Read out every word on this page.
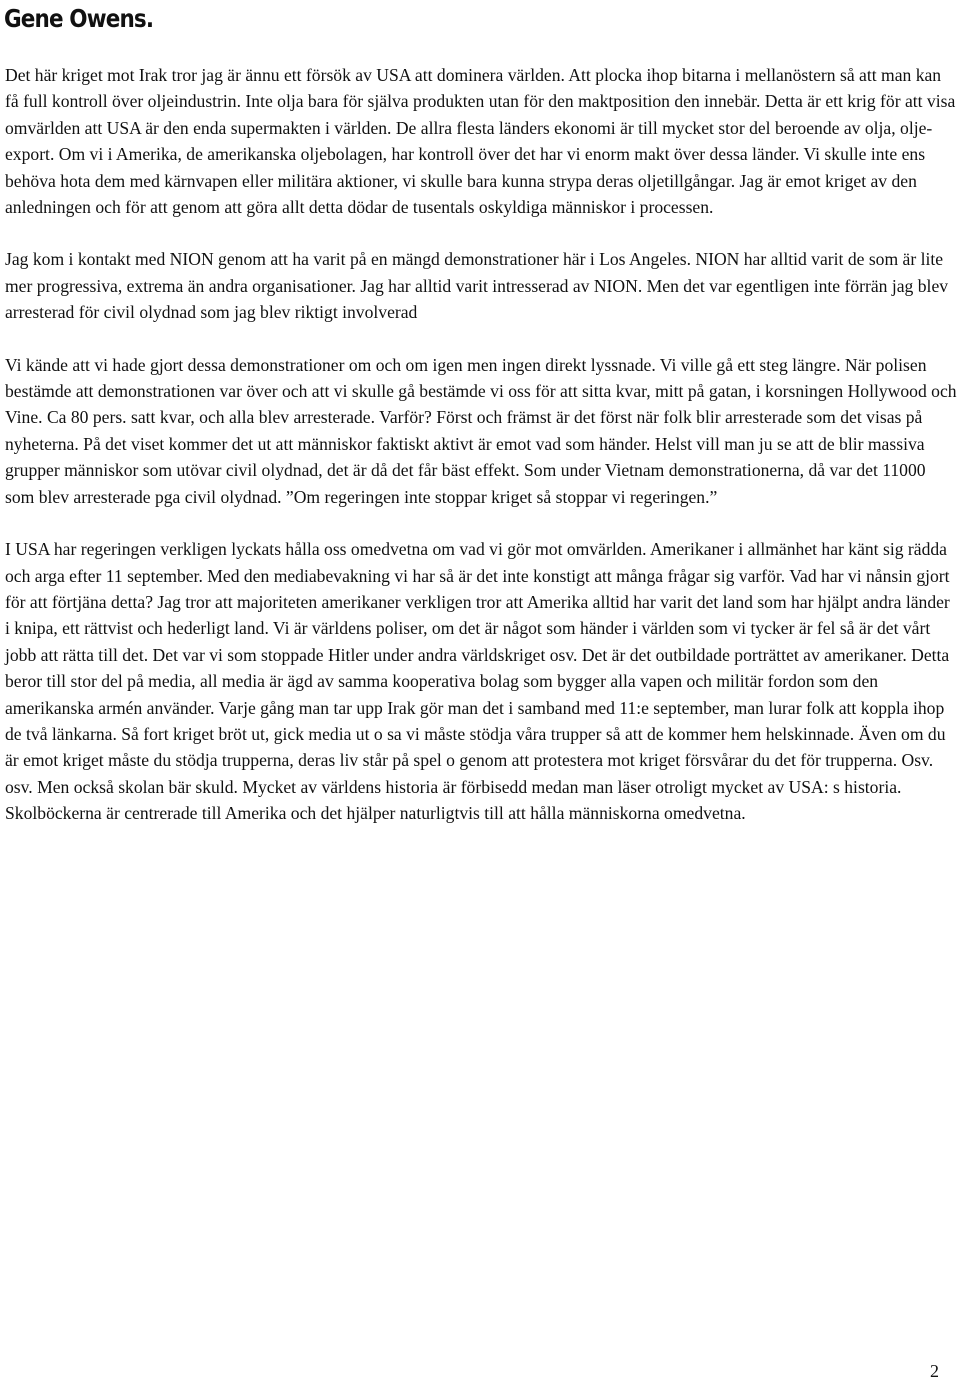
Gene Owens.

Det här kriget mot Irak tror jag är ännu ett försök av USA att dominera världen. Att plocka ihop bitarna i mellanöstern så att man kan få full kontroll över oljeindustrin. Inte olja bara för själva produkten utan för den maktposition den innebär. Detta är ett krig för att visa omvärlden att USA är den enda supermakten i världen. De allra flesta länders ekonomi är till mycket stor del beroende av olja, olje-export. Om vi i Amerika, de amerikanska oljebolagen, har kontroll över det har vi enorm makt över dessa länder. Vi skulle inte ens behöva hota dem med kärnvapen eller militära aktioner, vi skulle bara kunna strypa deras oljetillgångar. Jag är emot kriget av den anledningen och för att genom att göra allt detta dödar de tusentals oskyldiga människor i processen.

Jag kom i kontakt med NION genom att ha varit på en mängd demonstrationer här i Los Angeles. NION har alltid varit de som är lite mer progressiva, extrema än andra organisationer. Jag har alltid varit intresserad av NION. Men det var egentligen inte förrän jag blev arresterad för civil olydnad som jag blev riktigt involverad

Vi kände att vi hade gjort dessa demonstrationer om och om igen men ingen direkt lyssnade. Vi ville gå ett steg längre. När polisen bestämde att demonstrationen var över och att vi skulle gå bestämde vi oss för att sitta kvar, mitt på gatan, i korsningen Hollywood och Vine. Ca 80 pers. satt kvar, och alla blev arresterade. Varför? Först och främst är det först när folk blir arresterade som det visas på nyheterna. På det viset kommer det ut att människor faktiskt aktivt är emot vad som händer. Helst vill man ju se att de blir massiva grupper människor som utövar civil olydnad, det är då det får bäst effekt. Som under Vietnam demonstrationerna, då var det 11000 som blev arresterade pga civil olydnad. ”Om regeringen inte stoppar kriget så stoppar vi regeringen.”

I USA har regeringen verkligen lyckats hålla oss omedvetna om vad vi gör mot omvärlden. Amerikaner i allmänhet har känt sig rädda och arga efter 11 september. Med den mediabevakning vi har så är det inte konstigt att många frågar sig varför. Vad har vi nånsin gjort för att förtjäna detta? Jag tror att majoriteten amerikaner verkligen tror att Amerika alltid har varit det land som har hjälpt andra länder i knipa, ett rättvist och hederligt land. Vi är världens poliser, om det är något som händer i världen som vi tycker är fel så är det vårt jobb att rätta till det. Det var vi som stoppade Hitler under andra världskriget osv. Det är det outbildade porträttet av amerikaner. Detta beror till stor del på media, all media är ägd av samma kooperativa bolag som bygger alla vapen och militär fordon som den amerikanska armén använder. Varje gång man tar upp Irak gör man det i samband med 11:e september, man lurar folk att koppla ihop de två länkarna. Så fort kriget bröt ut, gick media ut o sa vi måste stödja våra trupper så att de kommer hem helskinnade. Även om du är emot kriget måste du stödja trupperna, deras liv står på spel o genom att protestera mot kriget försvårar du det för trupperna. Osv. osv. Men också skolan bär skuld. Mycket av världens historia är förbisedd medan man läser otroligt mycket av USA: s historia. Skolböckerna är centrerade till Amerika och det hjälper naturligtvis till att hålla människorna omedvetna.

2
